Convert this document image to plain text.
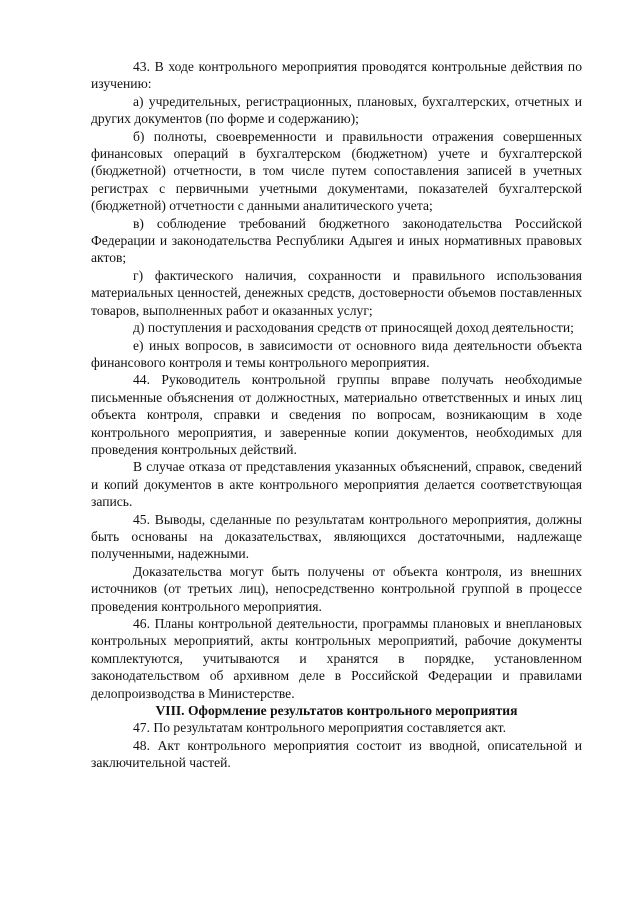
43. В ходе контрольного мероприятия проводятся контрольные действия по изучению:

а) учредительных, регистрационных, плановых, бухгалтерских, отчетных и других документов (по форме и содержанию);

б) полноты, своевременности и правильности отражения совершенных финансовых операций в бухгалтерском (бюджетном) учете и бухгалтерской (бюджетной) отчетности, в том числе путем сопоставления записей в учетных регистрах с первичными учетными документами, показателей бухгалтерской (бюджетной) отчетности с данными аналитического учета;

в) соблюдение требований бюджетного законодательства Российской Федерации и законодательства Республики Адыгея и иных нормативных правовых актов;

г) фактического наличия, сохранности и правильного использования материальных ценностей, денежных средств, достоверности объемов поставленных товаров, выполненных работ и оказанных услуг;

д) поступления и расходования средств от приносящей доход деятельности;

е) иных вопросов, в зависимости от основного вида деятельности объекта финансового контроля и темы контрольного мероприятия.

44. Руководитель контрольной группы вправе получать необходимые письменные объяснения от должностных, материально ответственных и иных лиц объекта контроля, справки и сведения по вопросам, возникающим в ходе контрольного мероприятия, и заверенные копии документов, необходимых для проведения контрольных действий.

В случае отказа от представления указанных объяснений, справок, сведений и копий документов в акте контрольного мероприятия делается соответствующая запись.

45. Выводы, сделанные по результатам контрольного мероприятия, должны быть основаны на доказательствах, являющихся достаточными, надлежаще полученными, надежными.

Доказательства могут быть получены от объекта контроля, из внешних источников (от третьих лиц), непосредственно контрольной группой в процессе проведения контрольного мероприятия.

46. Планы контрольной деятельности, программы плановых и внеплановых контрольных мероприятий, акты контрольных мероприятий, рабочие документы комплектуются, учитываются и хранятся в порядке, установленном законодательством об архивном деле в Российской Федерации и правилами делопроизводства в Министерстве.

VIII. Оформление результатов контрольного мероприятия

47. По результатам контрольного мероприятия составляется акт.

48. Акт контрольного мероприятия состоит из вводной, описательной и заключительной частей.
